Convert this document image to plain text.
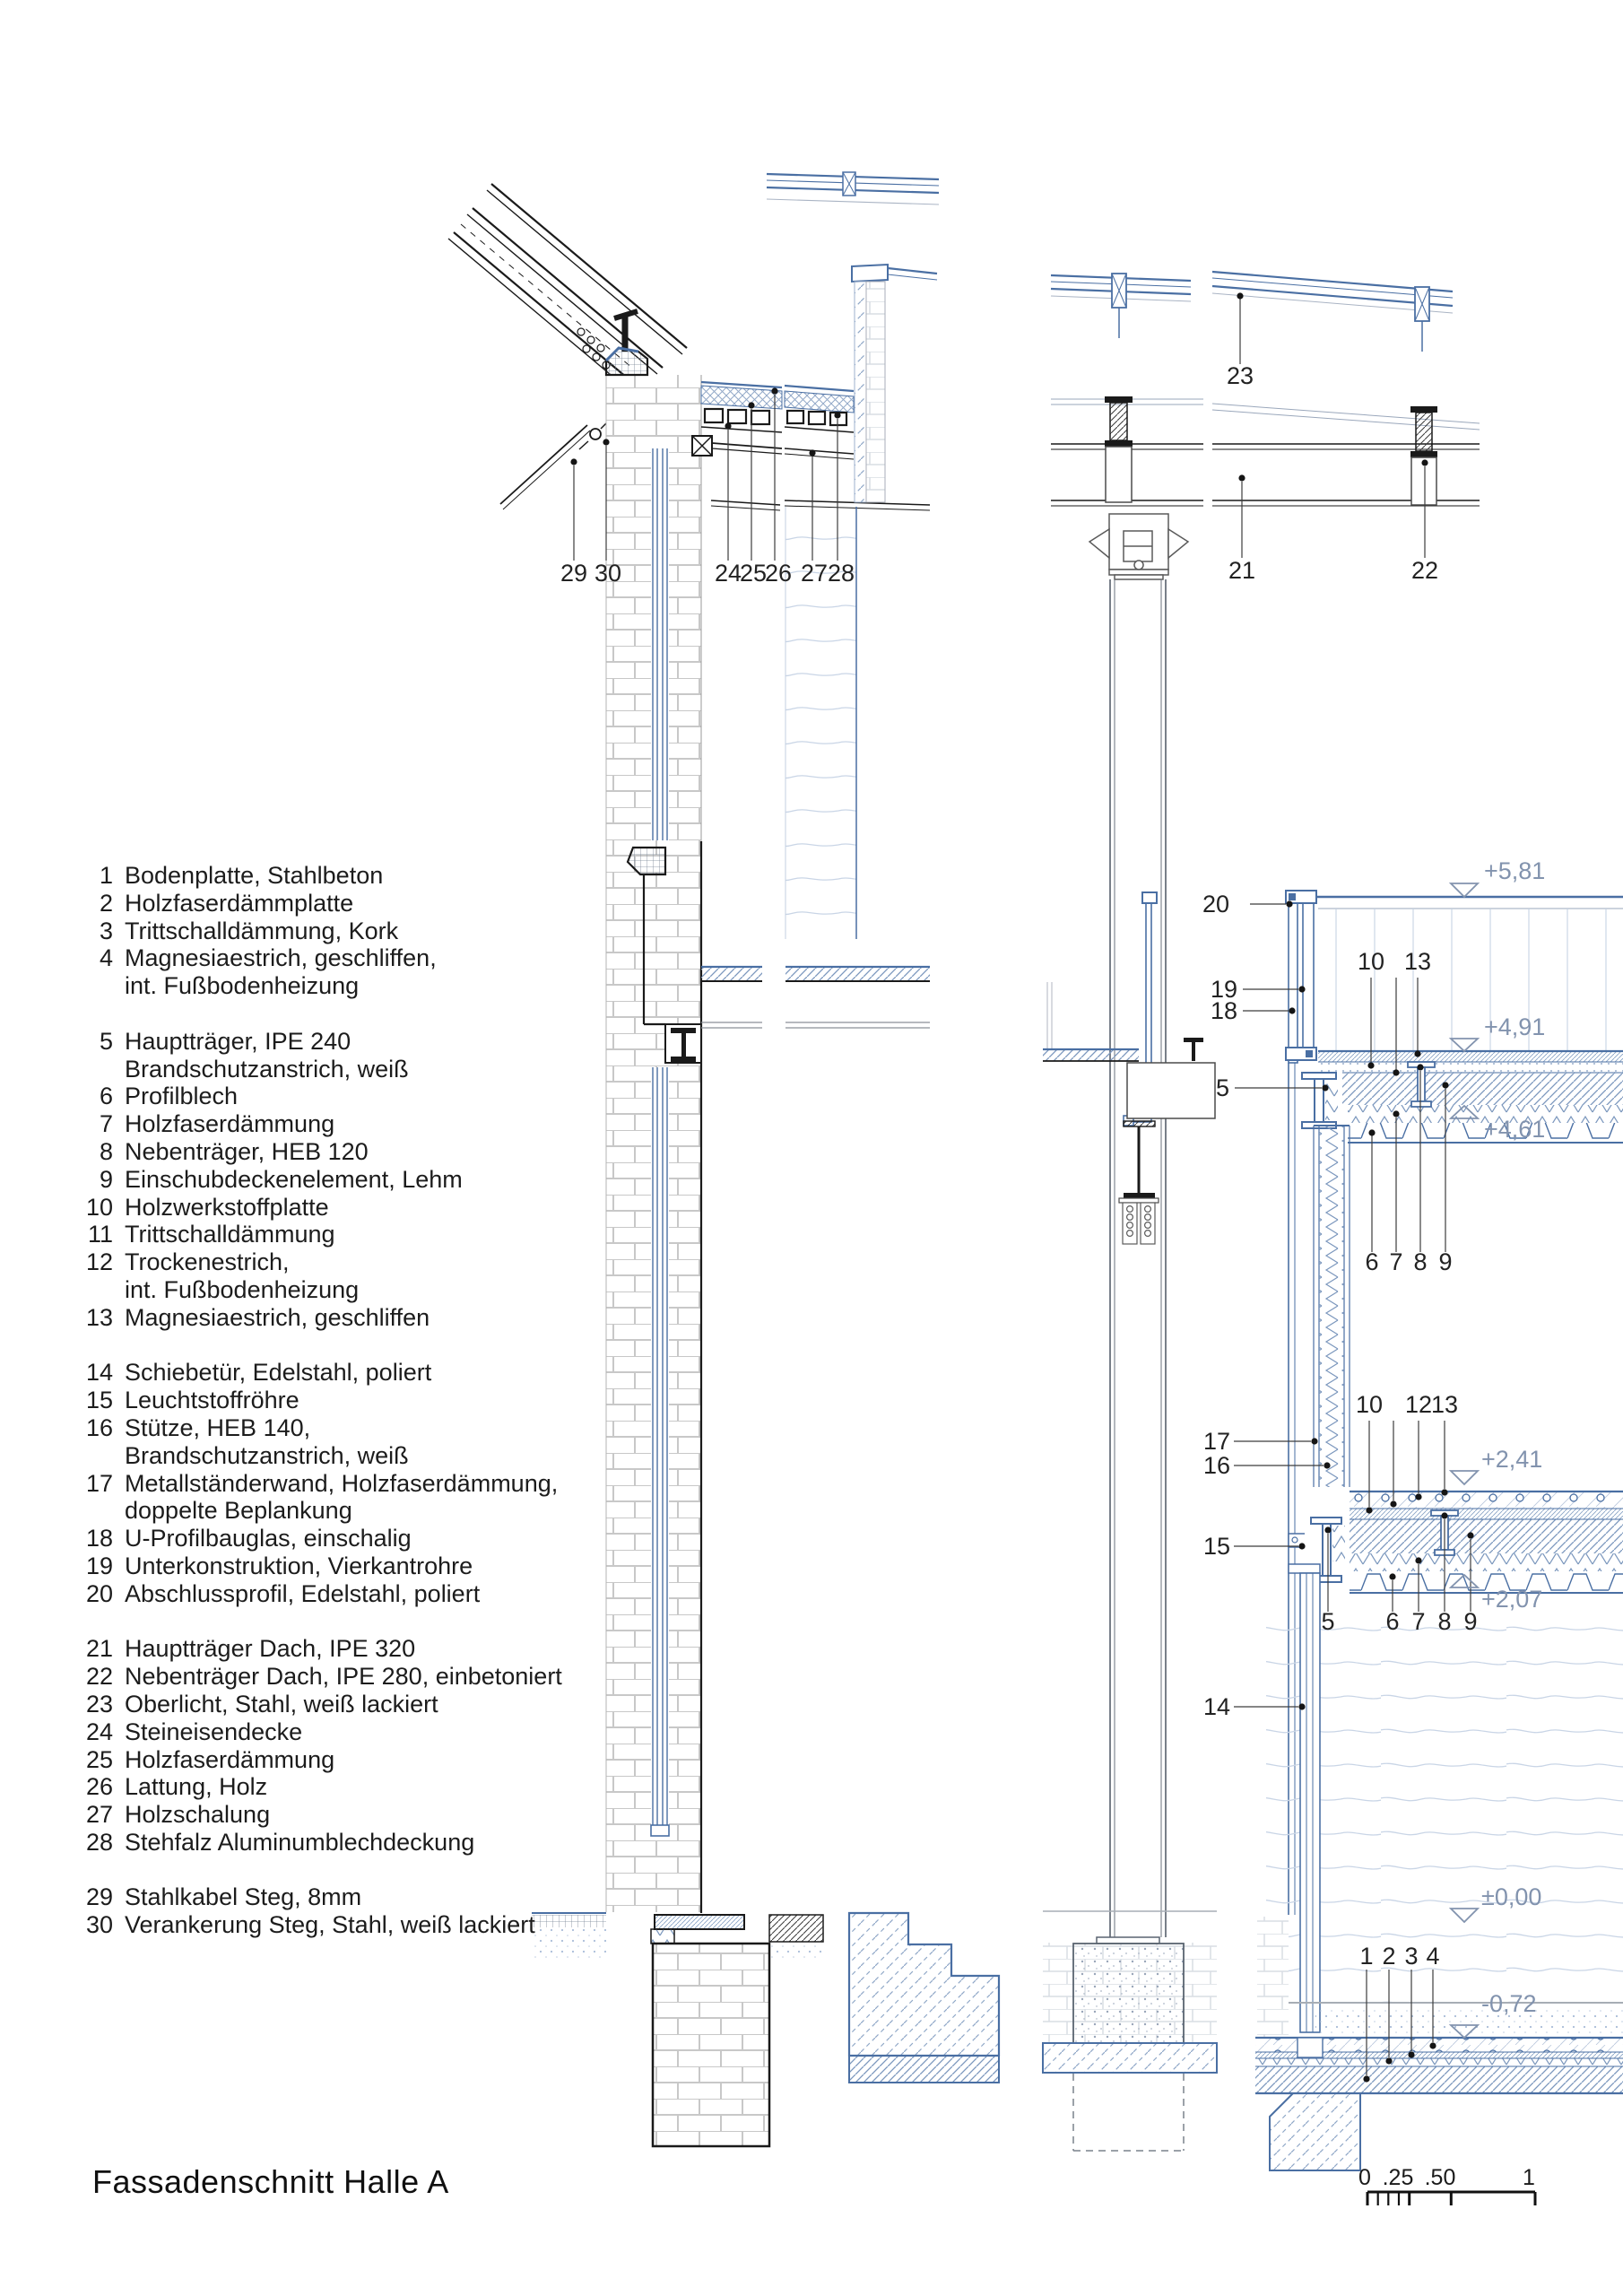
29 30	24
25
26 27 28
23
21	22
20
19
18
5
10 13
6 7 8 9
17
16
15
14
10 12
13
5 6 7 8 9
1 2 3 4
+5,81
+4,91
+4,61
+2,41
+2,07
±0,00
-0,72
0 .25 .50	1
1 Bodenplatte, Stahlbeton
2 Holzfaserdämmplatte
3 Trittschalldämmung, Kork
4 Magnesiaestrich, geschliffen,
int. Fußbodenheizung
5 Hauptträger, IPE 240
Brandschutzanstrich, weiß
6 Profilblech
7 Holzfaserdämmung
8 Nebenträger, HEB 120
9 Einschubdeckenelement, Lehm
10 Holzwerkstoffplatte
11 Trittschalldämmung
12 Trockenestrich,
int. Fußbodenheizung
13 Magnesiaestrich, geschliffen
14 Schiebetür, Edelstahl, poliert
15 Leuchtstoffröhre
16 Stütze, HEB 140,
Brandschutzanstrich, weiß
17 Metallständerwand, Holzfaserdämmung,
doppelte Beplankung
18 U-Profilbauglas, einschalig
19 Unterkonstruktion, Vierkantrohre
20 Abschlussprofil, Edelstahl, poliert
21 Hauptträger Dach, IPE 320
22 Nebenträger Dach, IPE 280, einbetoniert
23 Oberlicht, Stahl, weiß lackiert
24 Steineisendecke
25 Holzfaserdämmung
26 Lattung, Holz
27 Holzschalung
28 Stehfalz Aluminumblechdeckung
29 Stahlkabel Steg, 8mm
30 Verankerung Steg, Stahl, weiß lackiert
Fassadenschnitt Halle A
